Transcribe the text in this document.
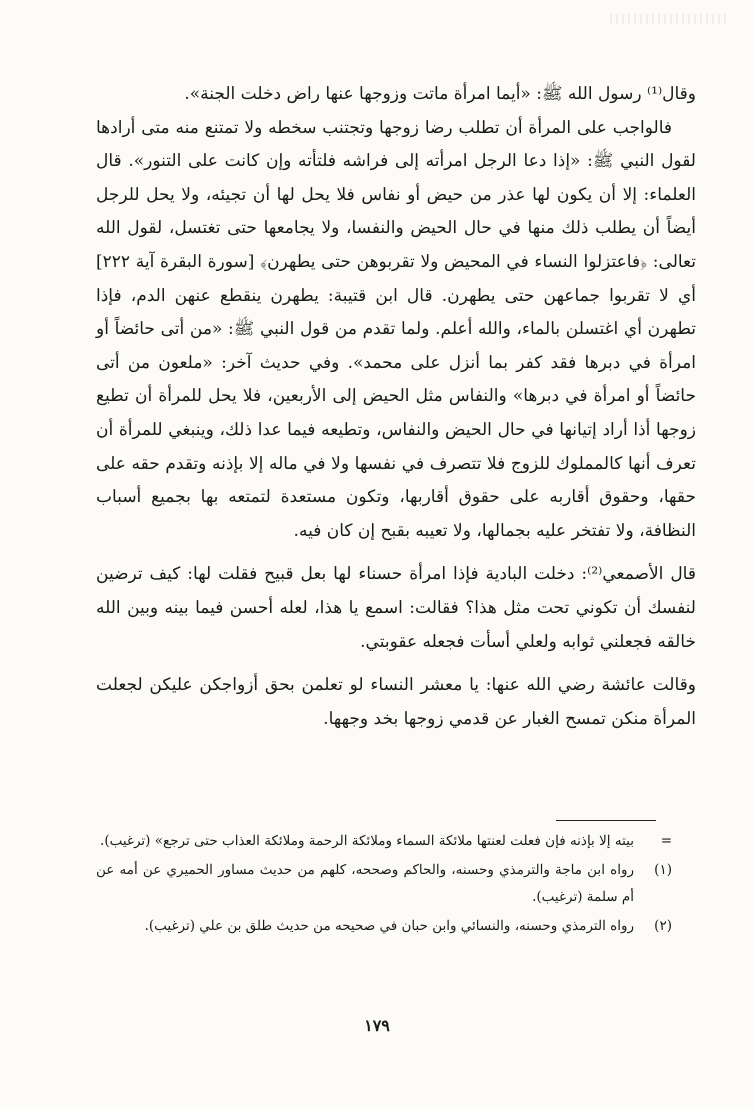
وقال⁽¹⁾ رسول الله ﷺ: «أيما امرأة ماتت وزوجها عنها راض دخلت الجنة».

فالواجب على المرأة أن تطلب رضا زوجها وتجتنب سخطه ولا تمتنع منه متى أرادها لقول النبي ﷺ: «إذا دعا الرجل امرأته إلى فراشه فلتأته وإن كانت على التنور». قال العلماء: إلا أن يكون لها عذر من حيض أو نفاس فلا يحل لها أن تجيئه، ولا يحل للرجل أيضاً أن يطلب ذلك منها في حال الحيض والنفسا، ولا يجامعها حتى تغتسل، لقول الله تعالى: ﴿فاعتزلوا النساء في المحيض ولا تقربوهن حتى يطهرن﴾ [سورة البقرة آية ٢٢٢] أي لا تقربوا جماعهن حتى يطهرن. قال ابن قتيبة: يطهرن ينقطع عنهن الدم، فإذا تطهرن أي اغتسلن بالماء، والله أعلم. ولما تقدم من قول النبي ﷺ: «من أتى حائضاً أو امرأة في دبرها فقد كفر بما أنزل على محمد». وفي حديث آخر: «ملعون من أتى حائضاً أو امرأة في دبرها» والنفاس مثل الحيض إلى الأربعين، فلا يحل للمرأة أن تطيع زوجها أذا أراد إتيانها في حال الحيض والنفاس، وتطيعه فيما عدا ذلك، وينبغي للمرأة أن تعرف أنها كالمملوك للزوج فلا تتصرف في نفسها ولا في ماله إلا بإذنه وتقدم حقه على حقها، وحقوق أقاربه على حقوق أقاربها، وتكون مستعدة لتمتعه بها بجميع أسباب النظافة، ولا تفتخر عليه بجمالها، ولا تعيبه بقبح إن كان فيه.

قال الأصمعي⁽²⁾: دخلت البادية فإذا امرأة حسناء لها بعل قبيح فقلت لها: كيف ترضين لنفسك أن تكوني تحت مثل هذا؟ فقالت: اسمع يا هذا، لعله أحسن فيما بينه وبين الله خالقه فجعلني ثوابه ولعلي أسأت فجعله عقوبتي.

وقالت عائشة رضي الله عنها: يا معشر النساء لو تعلمن بحق أزواجكن عليكن لجعلت المرأة منكن تمسح الغبار عن قدمي زوجها بخد وجهها.

=
بيته إلا بإذنه فإن فعلت لعنتها ملائكة السماء وملائكة الرحمة وملائكة العذاب حتى ترجع» (ترغيب).
(١)
رواه ابن ماجة والترمذي وحسنه، والحاكم وصححه، كلهم من حديث مساور الحميري عن أمه عن أم سلمة (ترغيب).
(٢)
رواه الترمذي وحسنه، والنسائي وابن حبان في صحيحه من حديث طلق بن علي (ترغيب).
١٧٩
